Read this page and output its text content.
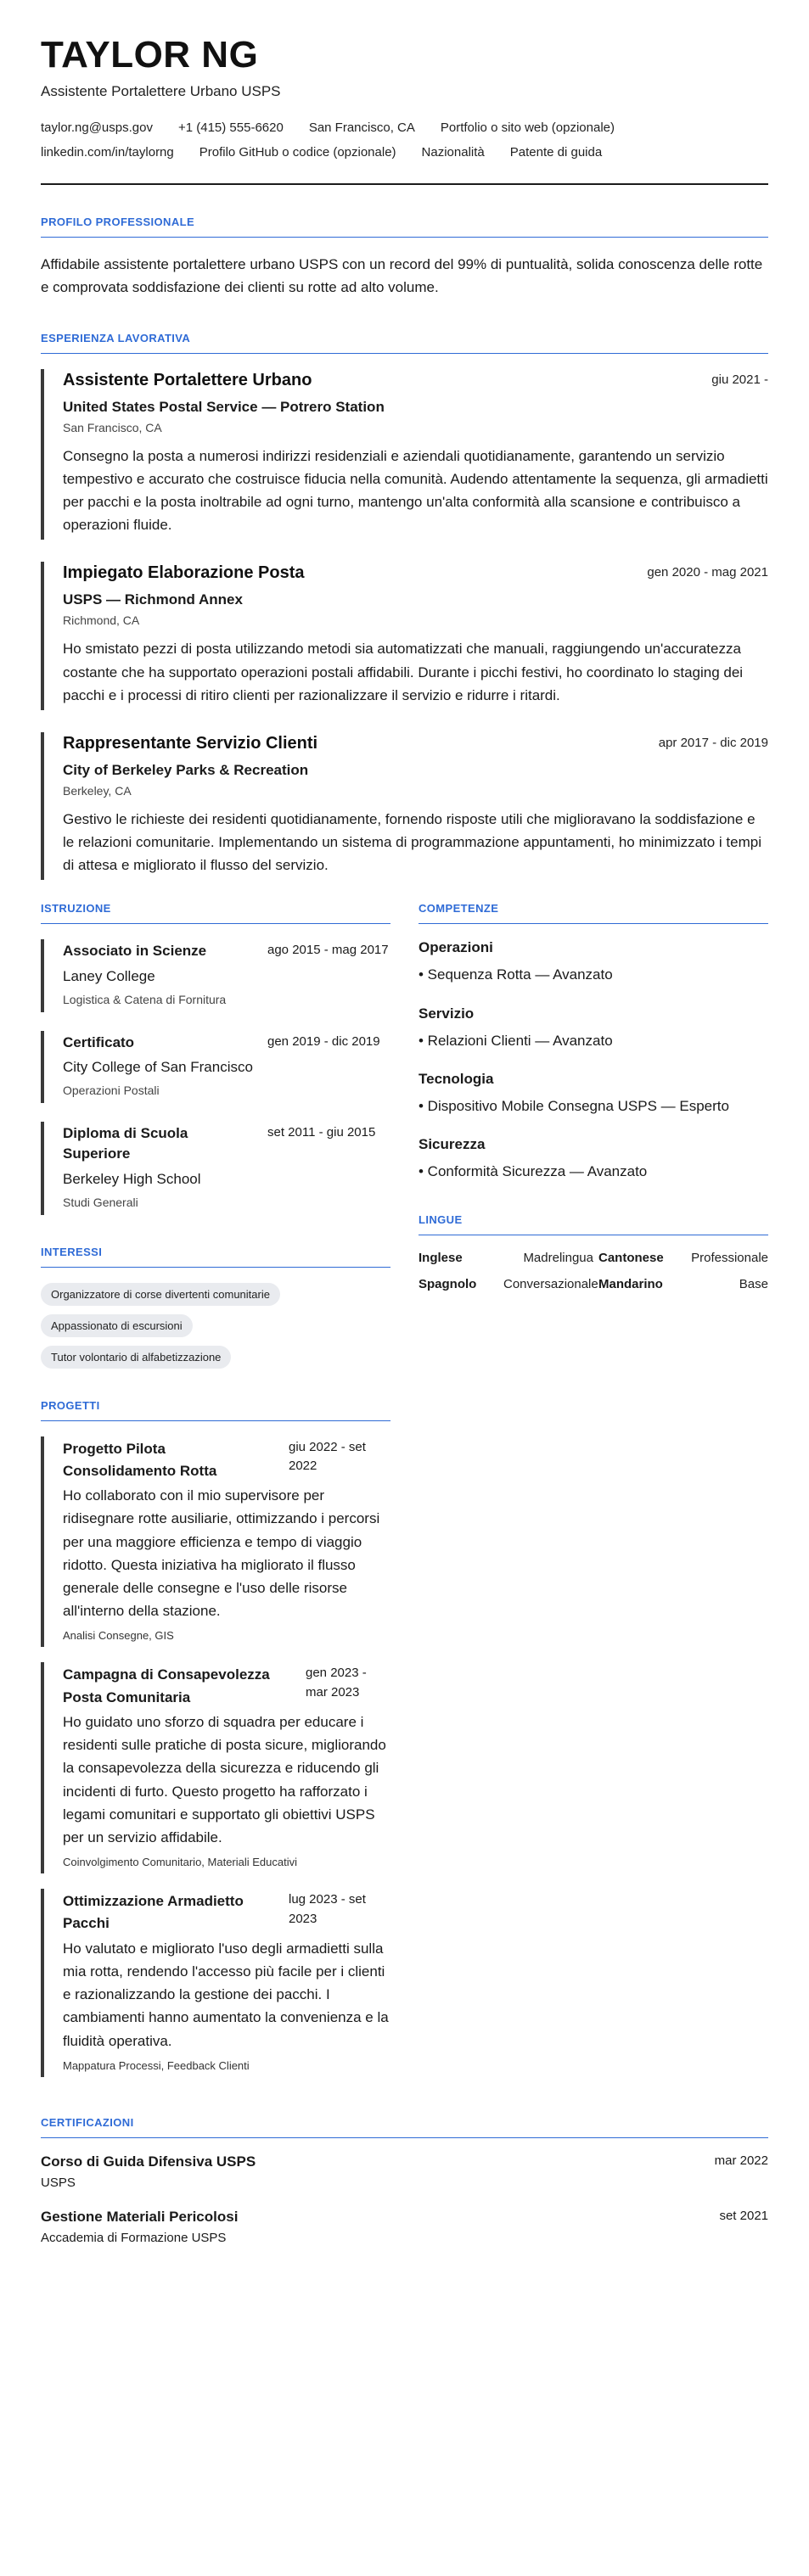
TAYLOR NG
Assistente Portalettere Urbano USPS
taylor.ng@usps.gov +1 (415) 555-6620 San Francisco, CA Portfolio o sito web (opzionale)
linkedin.com/in/taylorng Profilo GitHub o codice (opzionale) Nazionalità Patente di guida
PROFILO PROFESSIONALE

Affidabile assistente portalettere urbano USPS con un record del 99% di puntualità, solida conoscenza delle rotte e comprovata soddisfazione dei clienti su rotte ad alto volume.

ESPERIENZA LAVORATIVA
Assistente Portalettere Urbano	giu 2021 -
United States Postal Service — Potrero Station
San Francisco, CA
Consegno la posta a numerosi indirizzi residenziali e aziendali quotidianamente, garantendo un servizio tempestivo e accurato che costruisce fiducia nella comunità. Audendo attentamente la sequenza, gli armadietti per pacchi e la posta inoltrabile ad ogni turno, mantengo un'alta conformità alla scansione e contribuisco a operazioni fluide.
Impiegato Elaborazione Posta	gen 2020 - mag 2021
USPS — Richmond Annex
Richmond, CA
Ho smistato pezzi di posta utilizzando metodi sia automatizzati che manuali, raggiungendo un'accuratezza costante che ha supportato operazioni postali affidabili. Durante i picchi festivi, ho coordinato lo staging dei pacchi e i processi di ritiro clienti per razionalizzare il servizio e ridurre i ritardi.
Rappresentante Servizio Clienti	apr 2017 - dic 2019
City of Berkeley Parks & Recreation
Berkeley, CA
Gestivo le richieste dei residenti quotidianamente, fornendo risposte utili che miglioravano la soddisfazione e le relazioni comunitarie. Implementando un sistema di programmazione appuntamenti, ho minimizzato i tempi di attesa e migliorato il flusso del servizio.
ISTRUZIONE
Associato in Scienze	ago 2015 - mag 2017
Laney College
Logistica & Catena di Fornitura
Certificato
City College of San Francisco
gen 2019 - dic 2019
Operazioni Postali
Diploma di Scuola Superiore
set 2011 - giu 2015
Berkeley High School
Studi Generali
INTERESSI
Organizzatore di corse divertenti comunitarie
Appassionato di escursioni
Tutor volontario di alfabetizzazione
PROGETTI
Progetto Pilota Consolidamento Rotta
giu 2022 - set 2022
Ho collaborato con il mio supervisore per ridisegnare rotte ausiliarie, ottimizzando i percorsi per una maggiore efficienza e tempo di viaggio ridotto. Questa iniziativa ha migliorato il flusso generale delle consegne e l'uso delle risorse all'interno della stazione.
Analisi Consegne, GIS
Campagna di Consapevolezza Posta Comunitaria
gen 2023 - mar 2023
Ho guidato uno sforzo di squadra per educare i residenti sulle pratiche di posta sicure, migliorando la consapevolezza della sicurezza e riducendo gli incidenti di furto. Questo progetto ha rafforzato i legami comunitari e supportato gli obiettivi USPS per un servizio affidabile.
Coinvolgimento Comunitario, Materiali Educativi
Ottimizzazione Armadietto Pacchi
lug 2023 - set 2023
Ho valutato e migliorato l'uso degli armadietti sulla mia rotta, rendendo l'accesso più facile per i clienti e razionalizzando la gestione dei pacchi. I cambiamenti hanno aumentato la convenienza e la fluidità operativa.
Mappatura Processi, Feedback Clienti
COMPETENZE
Operazioni
• Sequenza Rotta — Avanzato
Servizio
• Relazioni Clienti — Avanzato
Tecnologia
• Dispositivo Mobile Consegna USPS — Esperto
Sicurezza
• Conformità Sicurezza — Avanzato
LINGUE
Inglese	Madrelingua Cantonese	Professionale
Spagnolo	Conversazionale Mandarino	Base
CERTIFICAZIONI
Corso di Guida Difensiva USPS	mar 2022
USPS
Gestione Materiali Pericolosi	set 2021
Accademia di Formazione USPS
